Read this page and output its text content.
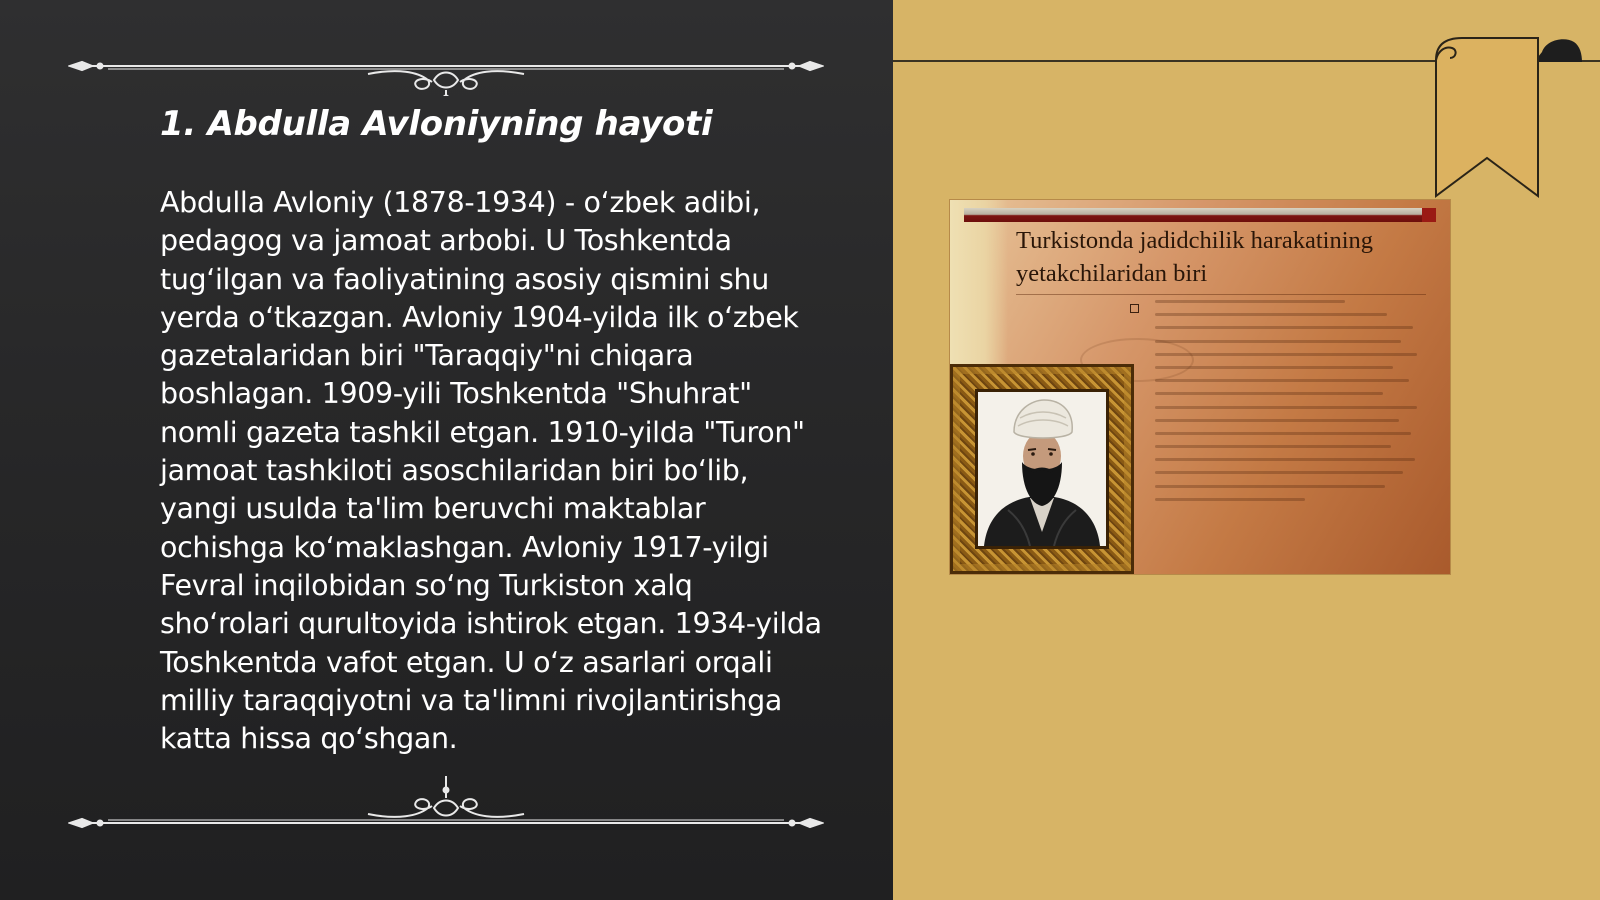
1. Abdulla Avloniyning hayoti

Abdulla Avloniy (1878-1934) - oʻzbek adibi, pedagog va jamoat arbobi. U Toshkentda tugʻilgan va faoliyatining asosiy qismini shu yerda oʻtkazgan. Avloniy 1904-yilda ilk oʻzbek gazetalaridan biri "Taraqqiy"ni chiqara boshlagan. 1909-yili Toshkentda "Shuhrat" nomli gazeta tashkil etgan. 1910-yilda "Turon" jamoat tashkiloti asoschilaridan biri boʻlib, yangi usulda ta'lim beruvchi maktablar ochishga koʻmaklashgan. Avloniy 1917-yilgi Fevral inqilobidan soʻng Turkiston xalq shoʻrolari qurultoyida ishtirok etgan. 1934-yilda Toshkentda vafot etgan. U oʻz asarlari orqali milliy taraqqiyotni va ta'limni rivojlantirishga katta hissa qoʻshgan.

Turkistonda jadidchilik harakatining yetakchilaridan biri
